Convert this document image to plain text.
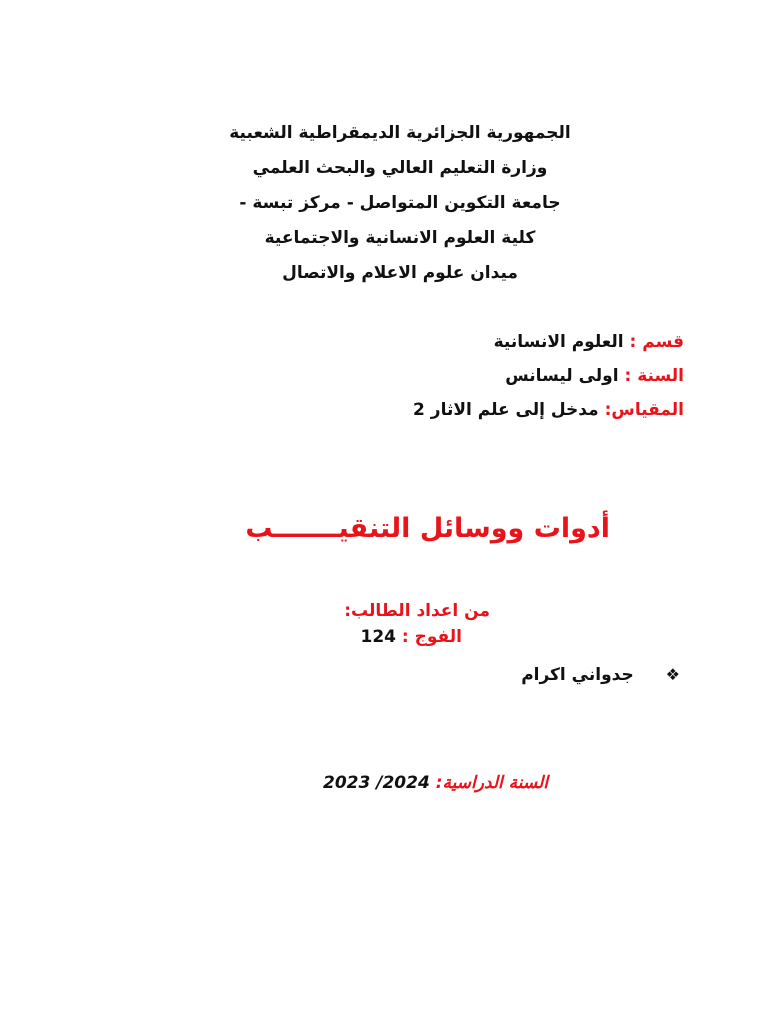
الجمهورية الجزائرية الديمقراطية الشعبية
وزارة التعليم العالي والبحث العلمي
جامعة التكوين المتواصل - مركز تبسة -
كلية العلوم الانسانية والاجتماعية
ميدان علوم الاعلام والاتصال
قسم : العلوم الانسانية
السنة : اولى ليسانس
المقياس: مدخل إلى علم الاثار 2
أدوات ووسائل التنقيـــــــب
من اعداد الطالب:
الفوج : 124
❖ جدواني اكرام
السنة الدراسية: 2023 /2024
